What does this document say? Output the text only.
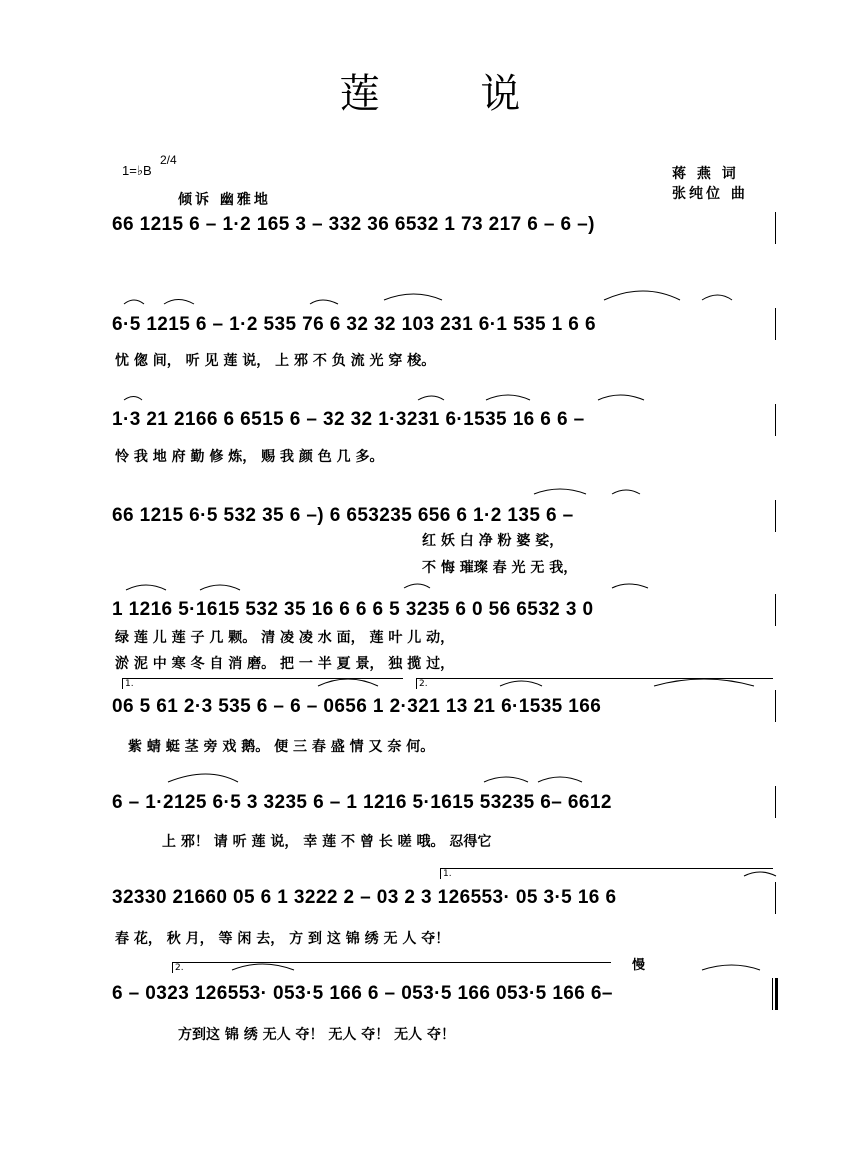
莲 说
1=♭B
2/4
倾诉 幽雅地
蒋 燕 词
张纯位 曲
66 1215 6 – 1·2 165 3 – 332 36 6532 1 73 217 6 – 6 –)
6·5 1215 6 – 1·2 535 76 6 32 32 103 231 6·1 535 1 6 6
忧 偬 间， 听 见 莲 说， 上 邪 不 负 流 光 穿 梭。
1·3 21 2166 6 6515 6 – 32 32 1·3231 6·1535 16 6 6 –
怜 我 地 府 勤 修 炼， 赐 我 颜 色 几 多。
66 1215 6·5 532 35 6 –) 6 653235 656 6 1·2 135 6 –
红 妖 白 净 粉 婆 娑，
不 悔 璀璨 春 光 无 我，
1 1216 5·1615 532 35 16 6 6 6 5 3235 6 0 56 6532 3 0
绿 莲 儿 莲 子 几 颗。 清 凌 凌 水 面， 莲 叶 儿 动，
淤 泥 中 寒 冬 自 消 磨。 把 一 半 夏 景， 独 揽 过，
1.	2.
06 5 61 2·3 535 6 – 6 – 0656 1 2·321 13 21 6·1535 166
紫 蜻 蜓 茎 旁 戏 鹅。 便 三 春 盛 情 又 奈 何。
6 – 1·2125 6·5 3 3235 6 – 1 1216 5·1615 53235 6– 6612
上 邪！ 请 听 莲 说， 幸 莲 不 曾 长 嗟 哦。 忍得它
1.
32330 21660 05 6 1 3222 2 – 03 2 3 126553· 05 3·5 16 6
春 花， 秋 月， 等 闲 去， 方 到 这 锦 绣 无 人 夺！
慢
2.
6 – 0323 126553· 053·5 166 6 – 053·5 166 053·5 166 6–
方到这 锦 绣 无人 夺！ 无人 夺！ 无人 夺！
